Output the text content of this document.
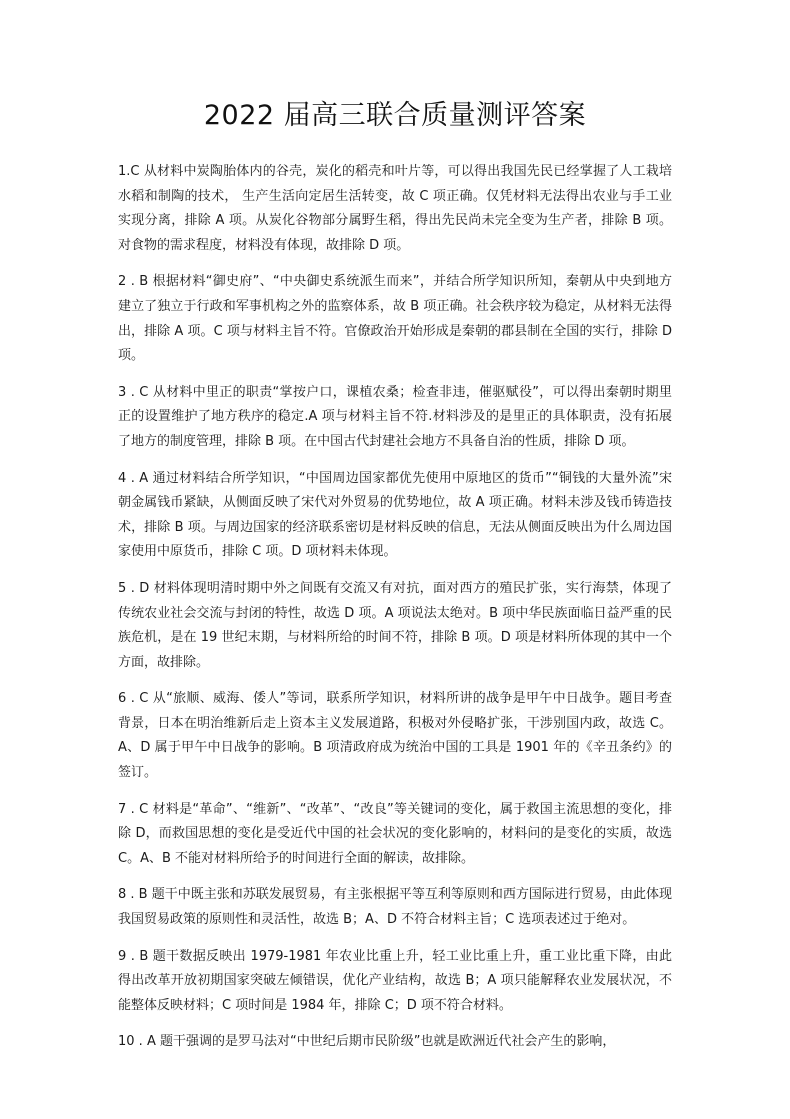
2022 届高三联合质量测评答案

1.C 从材料中炭陶胎体内的谷壳，炭化的稻壳和叶片等，可以得出我国先民已经掌握了人工栽培水稻和制陶的技术， 生产生活向定居生活转变，故 C 项正确。仅凭材料无法得出农业与手工业实现分离，排除 A 项。从炭化谷物部分属野生稻，得出先民尚未完全变为生产者，排除 B 项。对食物的需求程度，材料没有体现，故排除 D 项。

2 . B 根据材料“御史府”、“中央御史系统派生而来”，并结合所学知识所知，秦朝从中央到地方建立了独立于行政和军事机构之外的监察体系，故 B 项正确。社会秩序较为稳定，从材料无法得出，排除 A 项。C 项与材料主旨不符。官僚政治开始形成是秦朝的郡县制在全国的实行，排除 D 项。

3 . C 从材料中里正的职责“掌按户口，课植农桑；检查非违，催驱赋役”，可以得出秦朝时期里正的设置维护了地方秩序的稳定.A 项与材料主旨不符.材料涉及的是里正的具体职责，没有拓展了地方的制度管理，排除 B 项。在中国古代封建社会地方不具备自治的性质，排除 D 项。

4 . A 通过材料结合所学知识，“中国周边国家都优先使用中原地区的货币”“铜钱的大量外流”宋朝金属钱币紧缺，从侧面反映了宋代对外贸易的优势地位，故 A 项正确。材料未涉及钱币铸造技术，排除 B 项。与周边国家的经济联系密切是材料反映的信息，无法从侧面反映出为什么周边国家使用中原货币，排除 C 项。D 项材料未体现。

5 . D 材料体现明清时期中外之间既有交流又有对抗，面对西方的殖民扩张，实行海禁，体现了传统农业社会交流与封闭的特性，故选 D 项。A 项说法太绝对。B 项中华民族面临日益严重的民族危机，是在 19 世纪末期，与材料所给的时间不符，排除 B 项。D 项是材料所体现的其中一个方面，故排除。

6 . C 从“旅顺、威海、倭人”等词，联系所学知识，材料所讲的战争是甲午中日战争。题目考查背景，日本在明治维新后走上资本主义发展道路，积极对外侵略扩张，干涉别国内政，故选 C。A、D 属于甲午中日战争的影响。B 项清政府成为统治中国的工具是 1901 年的《辛丑条约》的签订。

7 . C 材料是“革命”、“维新”、“改革”、“改良”等关键词的变化，属于救国主流思想的变化，排除 D，而救国思想的变化是受近代中国的社会状况的变化影响的，材料问的是变化的实质，故选 C。A、B 不能对材料所给予的时间进行全面的解读，故排除。

8 . B 题干中既主张和苏联发展贸易，有主张根据平等互利等原则和西方国际进行贸易，由此体现我国贸易政策的原则性和灵活性，故选 B；A、D 不符合材料主旨；C 选项表述过于绝对。

9 . B 题干数据反映出 1979-1981 年农业比重上升，轻工业比重上升，重工业比重下降，由此得出改革开放初期国家突破左倾错误，优化产业结构，故选 B；A 项只能解释农业发展状况，不能整体反映材料；C 项时间是 1984 年，排除 C；D 项不符合材料。

10 . A 题干强调的是罗马法对“中世纪后期市民阶级”也就是欧洲近代社会产生的影响，
